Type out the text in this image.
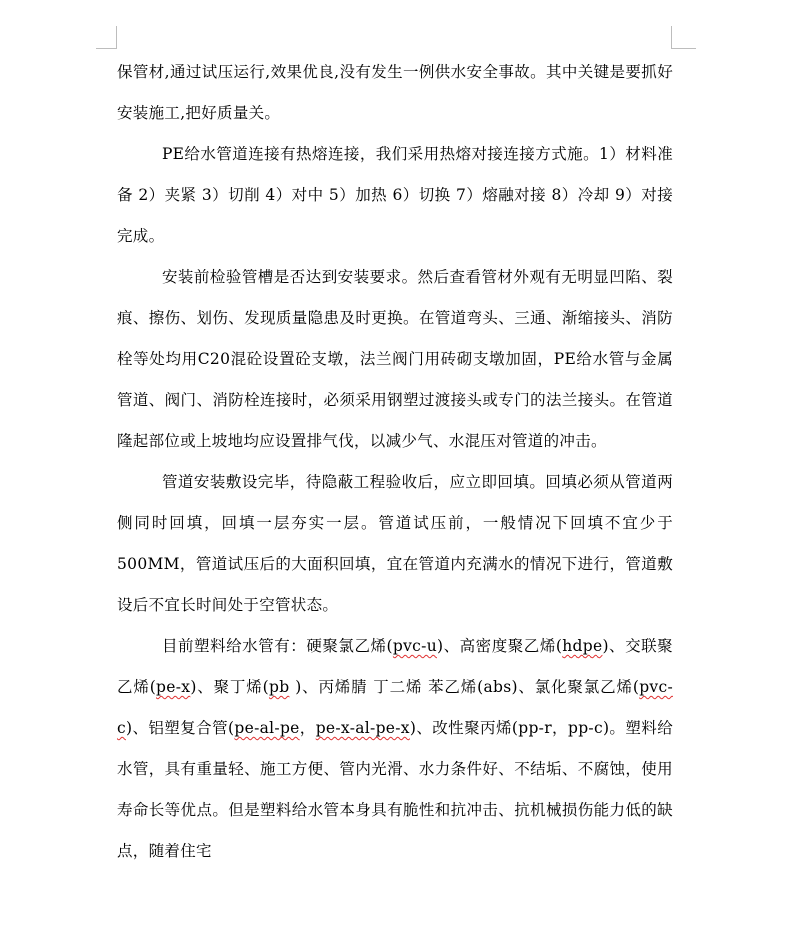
保管材,通过试压运行,效果优良,没有发生一例供水安全事故。其中关键是要抓好安装施工,把好质量关。

PE给水管道连接有热熔连接，我们采用热熔对接连接方式施。1）材料准备 2）夹紧 3）切削 4）对中 5）加热 6）切换 7）熔融对接 8）冷却 9）对接完成。

安装前检验管槽是否达到安装要求。然后查看管材外观有无明显凹陷、裂痕、擦伤、划伤、发现质量隐患及时更换。在管道弯头、三通、渐缩接头、消防栓等处均用C20混砼设置砼支墩，法兰阀门用砖砌支墩加固，PE给水管与金属管道、阀门、消防栓连接时，必须采用钢塑过渡接头或专门的法兰接头。在管道隆起部位或上坡地均应设置排气伐，以减少气、水混压对管道的冲击。

管道安装敷设完毕，待隐蔽工程验收后，应立即回填。回填必须从管道两侧同时回填，回填一层夯实一层。管道试压前，一般情况下回填不宜少于500MM，管道试压后的大面积回填，宜在管道内充满水的情况下进行，管道敷设后不宜长时间处于空管状态。

目前塑料给水管有：硬聚氯乙烯(pvc-u)、高密度聚乙烯(hdpe)、交联聚乙烯(pe-x)、聚丁烯(pb )、丙烯腈 丁二烯 苯乙烯(abs)、氯化聚氯乙烯(pvc-c)、铝塑复合管(pe-al-pe，pe-x-al-pe-x)、改性聚丙烯(pp-r，pp-c)。塑料给水管，具有重量轻、施工方便、管内光滑、水力条件好、不结垢、不腐蚀，使用寿命长等优点。但是塑料给水管本身具有脆性和抗冲击、抗机械损伤能力低的缺点，随着住宅
